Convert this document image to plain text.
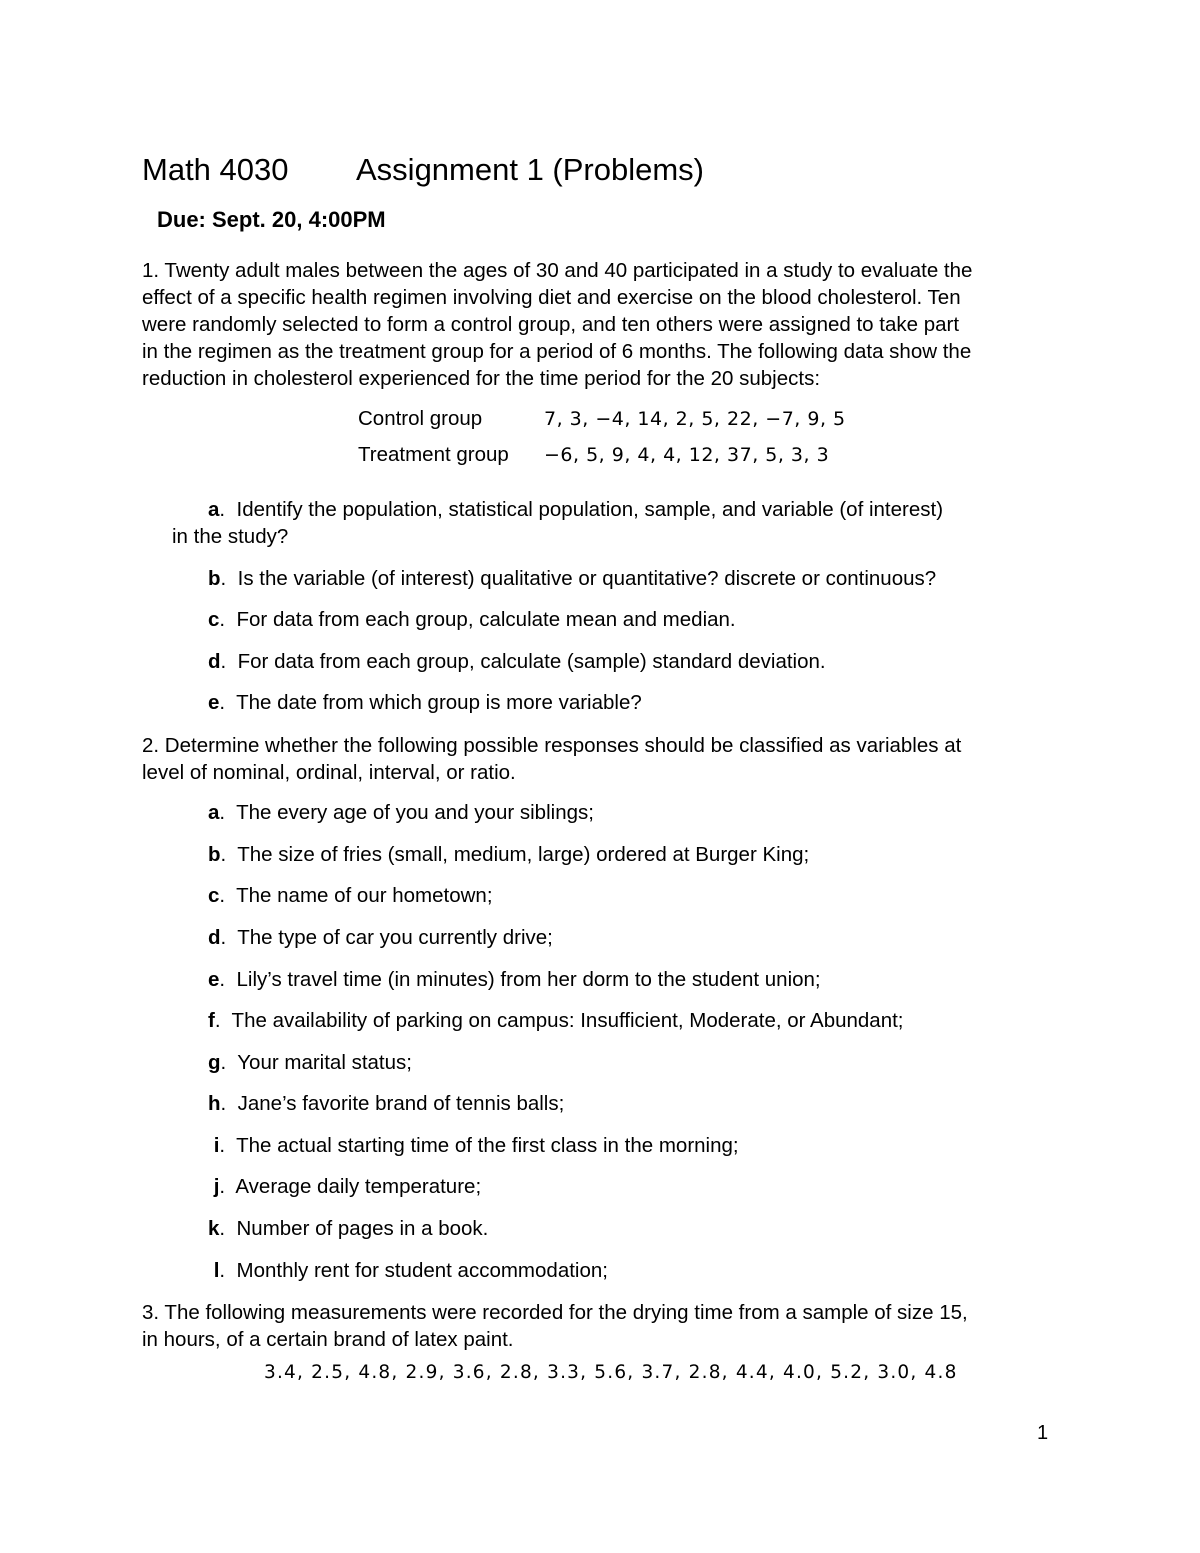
Math 4030 Assignment 1 (Problems)
Due: Sept. 20, 4:00PM
1. Twenty adult males between the ages of 30 and 40 participated in a study to evaluate the
effect of a specific health regimen involving diet and exercise on the blood cholesterol. Ten
were randomly selected to form a control group, and ten others were assigned to take part
in the regimen as the treatment group for a period of 6 months. The following data show the
reduction in cholesterol experienced for the time period for the 20 subjects:
Control group	7, 3, −4, 14, 2, 5, 22, −7, 9, 5
Treatment group −6, 5, 9, 4, 4, 12, 37, 5, 3, 3
a.  Identify the population, statistical population, sample, and variable (of interest)
in the study?
b.  Is the variable (of interest) qualitative or quantitative? discrete or continuous?
c.  For data from each group, calculate mean and median.
d.  For data from each group, calculate (sample) standard deviation.
e.  The date from which group is more variable?
2. Determine whether the following possible responses should be classified as variables at
level of nominal, ordinal, interval, or ratio.
a.  The every age of you and your siblings;
b.  The size of fries (small, medium, large) ordered at Burger King;
c.  The name of our hometown;
d.  The type of car you currently drive;
e.  Lily’s travel time (in minutes) from her dorm to the student union;
f.  The availability of parking on campus: Insufficient, Moderate, or Abundant;
g.  Your marital status;
h.  Jane’s favorite brand of tennis balls;
i.  The actual starting time of the first class in the morning;
j.  Average daily temperature;
k.  Number of pages in a book.
l.  Monthly rent for student accommodation;
3. The following measurements were recorded for the drying time from a sample of size 15,
in hours, of a certain brand of latex paint.
3.4, 2.5, 4.8, 2.9, 3.6, 2.8, 3.3, 5.6, 3.7, 2.8, 4.4, 4.0, 5.2, 3.0, 4.8
1
